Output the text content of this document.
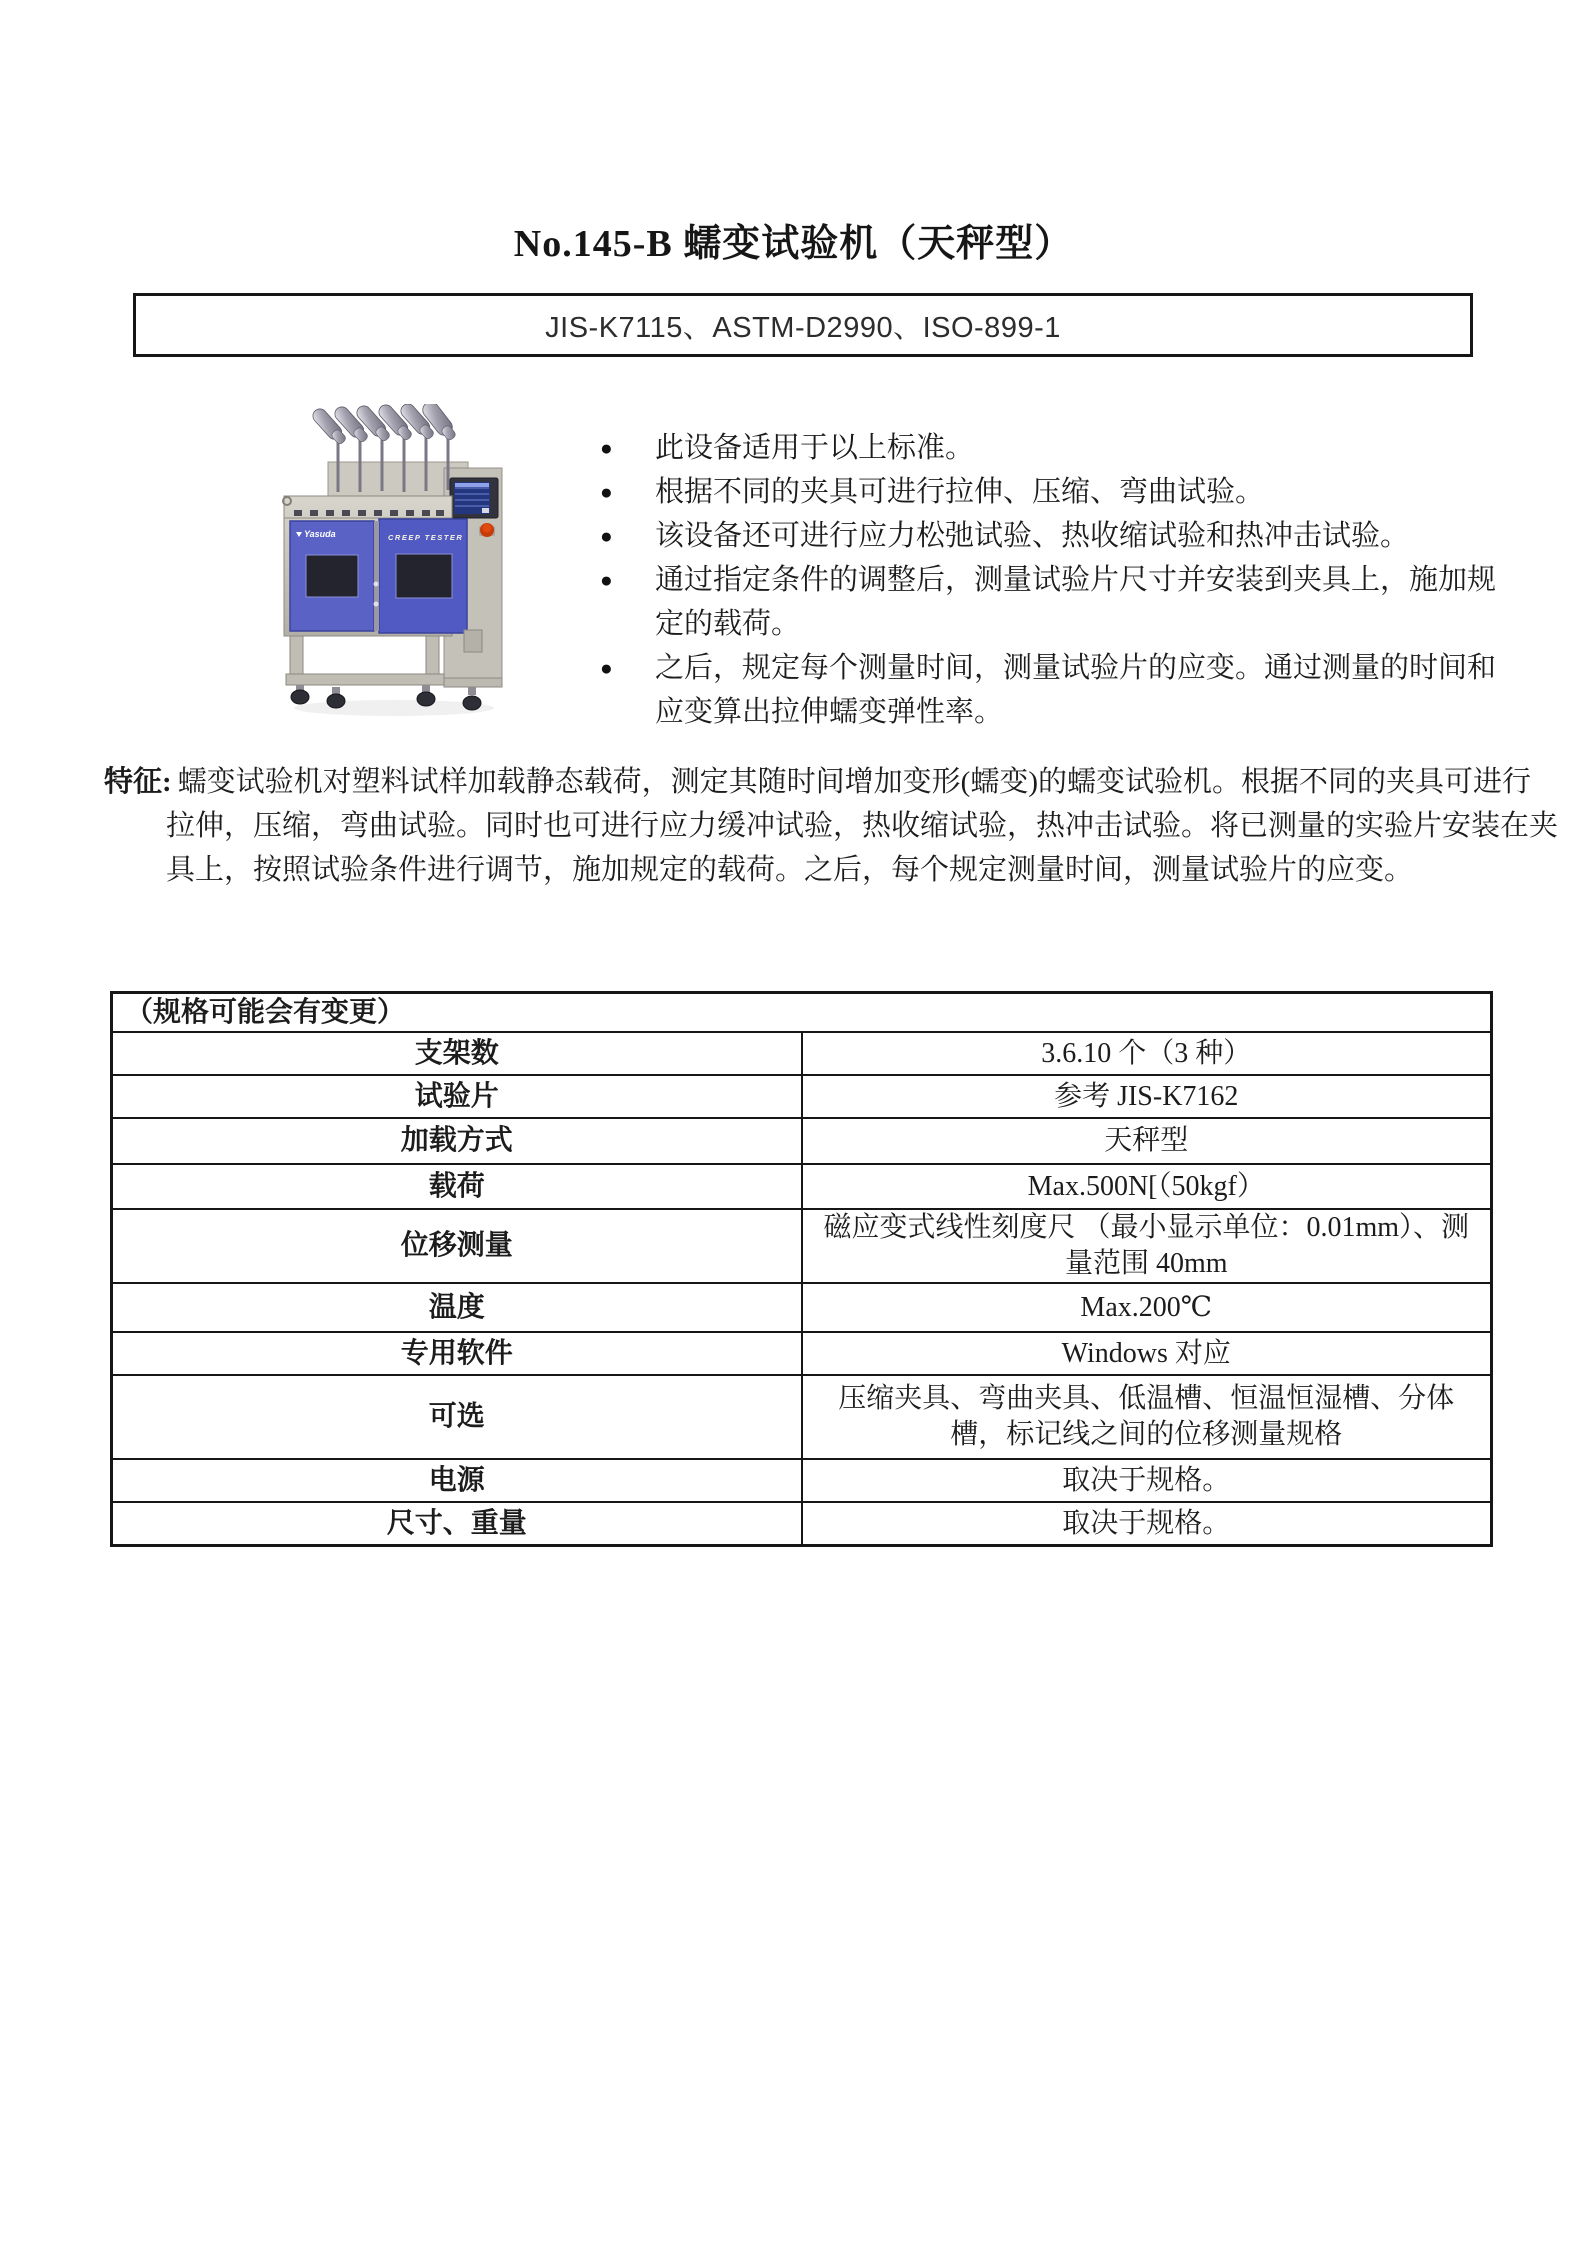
No.145-B 蠕变试验机（天秤型）
JIS-K7115、ASTM-D2990、ISO-899-1
Yasuda	CREEP TESTER
● 此设备适用于以上标准。
● 根据不同的夹具可进行拉伸、压缩、弯曲试验。
● 该设备还可进行应力松弛试验、热收缩试验和热冲击试验。
● 通过指定条件的调整后，测量试验片尺寸并安装到夹具上，施加规定的载荷。
● 之后，规定每个测量时间，测量试验片的应变。通过测量的时间和应变算出拉伸蠕变弹性率。
特征: 蠕变试验机对塑料试样加载静态载荷，测定其随时间增加变形(蠕变)的蠕变试验机。根据不同的夹具可进行拉伸，压缩，弯曲试验。同时也可进行应力缓冲试验，热收缩试验，热冲击试验。将已测量的实验片安装在夹具上，按照试验条件进行调节，施加规定的载荷。之后，每个规定测量时间，测量试验片的应变。
（规格可能会有变更）	
支架数	3.6.10 个（3 种）
试验片	参考 JIS-K7162
加载方式	天秤型
载荷	Max.500N[（50kgf）
位移测量	磁应变式线性刻度尺 （最小显示单位：0.01mm）、测量范围 40mm
温度	Max.200℃
专用软件	Windows 对应
可选	压缩夹具、弯曲夹具、低温槽、恒温恒湿槽、分体槽，标记线之间的位移测量规格
电源	取决于规格。
尺寸、重量	取决于规格。
